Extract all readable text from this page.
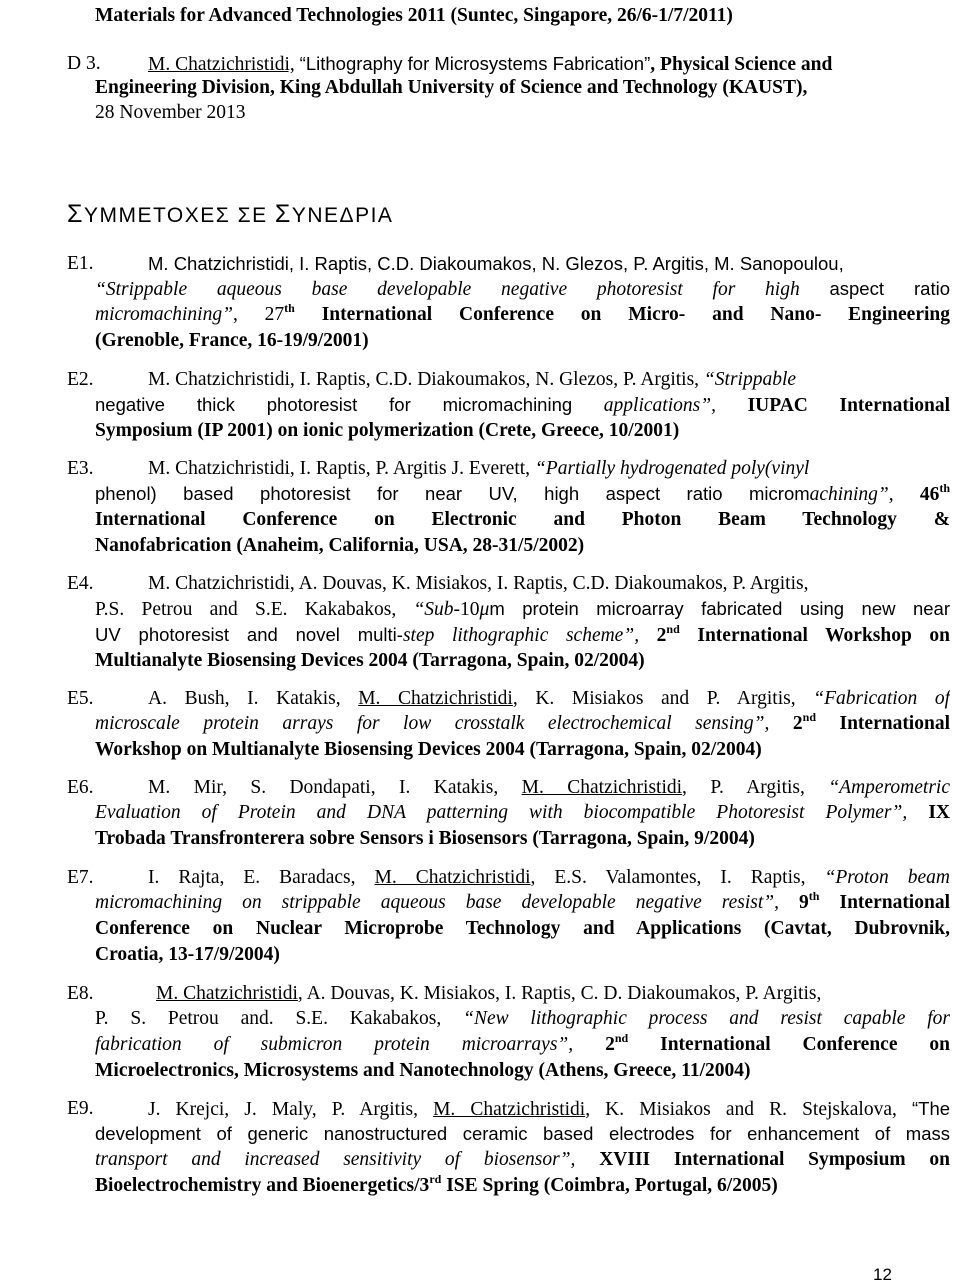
Materials for Advanced Technologies 2011 (Suntec, Singapore, 26/6-1/7/2011)
D 3. M. Chatzichristidi, “Lithography for Microsystems Fabrication”, Physical Science and
Engineering Division, King Abdullah University of Science and Technology (KAUST),
28 November 2013
ΣΥΜΜΕΤΟΧΕΣ ΣΕ ΣΥΝΕΔΡΙΑ
E1.	M. Chatzichristidi, I. Raptis, C.D. Diakoumakos, N. Glezos, P. Argitis, M. Sanopoulou,
“Strippable aqueous base developable negative photoresist for high aspect ratio
micromachining”, 27th International Conference on Micro- and Nano- Engineering
(Grenoble, France, 16-19/9/2001)
E2.	M. Chatzichristidi, I. Raptis, C.D. Diakoumakos, N. Glezos, P. Argitis, “Strippable
negative thick photoresist for micromachining applications”, IUPAC International
Symposium (IP 2001) on ionic polymerization (Crete, Greece, 10/2001)
E3.	M. Chatzichristidi, I. Raptis, P. Argitis J. Everett, “Partially hydrogenated poly(vinyl
phenol) based photoresist for near UV, high aspect ratio micromachining”, 46th
International Conference on Electronic and Photon Beam Technology &
Nanofabrication (Anaheim, California, USA, 28-31/5/2002)
E4.	M. Chatzichristidi, A. Douvas, K. Misiakos, I. Raptis, C.D. Diakoumakos, P. Argitis,
P.S. Petrou and S.E. Kakabakos, “Sub-10μm protein microarray fabricated using new near
UV photoresist and novel multi-step lithographic scheme”, 2nd International Workshop on
Multianalyte Biosensing Devices 2004 (Tarragona, Spain, 02/2004)
E5.	A. Bush, I. Katakis, M. Chatzichristidi, K. Misiakos and P. Argitis, “Fabrication of
microscale protein arrays for low crosstalk electrochemical sensing”, 2nd International
Workshop on Multianalyte Biosensing Devices 2004 (Tarragona, Spain, 02/2004)
E6.	M. Mir, S. Dondapati, I. Katakis, M. Chatzichristidi, P. Argitis, “Amperometric
Evaluation of Protein and DNA patterning with biocompatible Photoresist Polymer”, IX
Trobada Transfronterera sobre Sensors i Biosensors (Tarragona, Spain, 9/2004)
E7.	I. Rajta, E. Baradacs, M. Chatzichristidi, E.S. Valamontes, I. Raptis, “Proton beam
micromachining on strippable aqueous base developable negative resist”, 9th International
Conference on Nuclear Microprobe Technology and Applications (Cavtat, Dubrovnik,
Croatia, 13-17/9/2004)
E8.	M. Chatzichristidi, A. Douvas, K. Misiakos, I. Raptis, C. D. Diakoumakos, P. Argitis,
P. S. Petrou and. S.E. Kakabakos, “New lithographic process and resist capable for
fabrication of submicron protein microarrays”, 2nd International Conference on
Microelectronics, Microsystems and Nanotechnology (Athens, Greece, 11/2004)
E9.	J. Krejci, J. Maly, P. Argitis, M. Chatzichristidi, K. Misiakos and R. Stejskalova, “The
development of generic nanostructured ceramic based electrodes for enhancement of mass
transport and increased sensitivity of biosensor”, XVIII International Symposium on
Bioelectrochemistry and Bioenergetics/3rd ISE Spring (Coimbra, Portugal, 6/2005)
12
